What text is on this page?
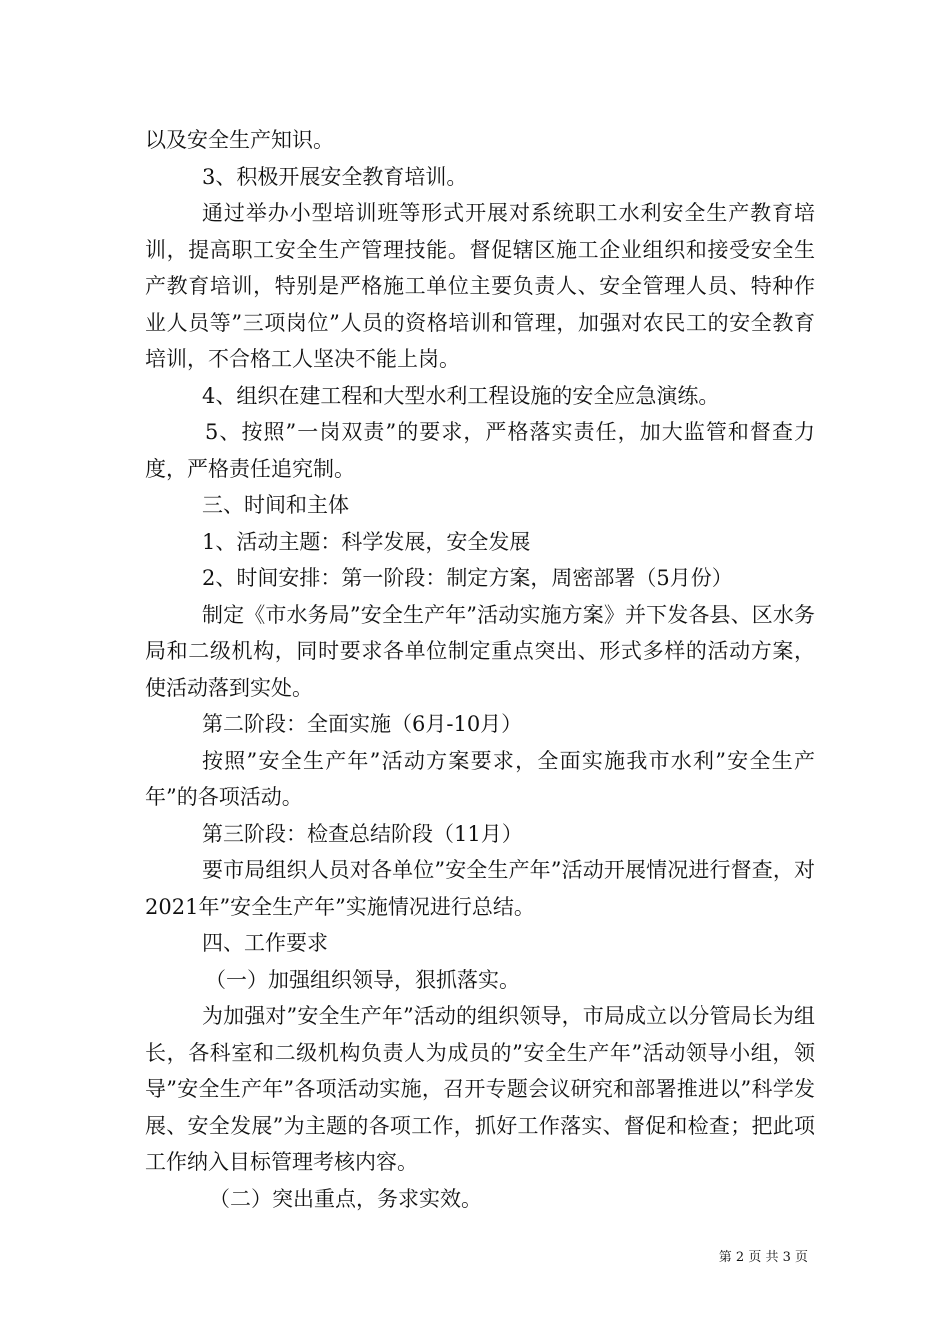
以及安全生产知识。

3、积极开展安全教育培训。

通过举办小型培训班等形式开展对系统职工水利安全生产教育培训，提高职工安全生产管理技能。督促辖区施工企业组织和接受安全生产教育培训，特别是严格施工单位主要负责人、安全管理人员、特种作业人员等”三项岗位”人员的资格培训和管理，加强对农民工的安全教育培训，不合格工人坚决不能上岗。

4、组织在建工程和大型水利工程设施的安全应急演练。

5、按照”一岗双责”的要求，严格落实责任，加大监管和督查力度，严格责任追究制。

三、时间和主体

1、活动主题：科学发展，安全发展

2、时间安排：第一阶段：制定方案，周密部署（5月份）

制定《市水务局”安全生产年”活动实施方案》并下发各县、区水务局和二级机构，同时要求各单位制定重点突出、形式多样的活动方案，使活动落到实处。

第二阶段：全面实施（6月-10月）

按照”安全生产年”活动方案要求，全面实施我市水利”安全生产年”的各项活动。

第三阶段：检查总结阶段（11月）

要市局组织人员对各单位”安全生产年”活动开展情况进行督查，对2021年”安全生产年”实施情况进行总结。

四、工作要求

（一）加强组织领导，狠抓落实。

为加强对”安全生产年”活动的组织领导，市局成立以分管局长为组长，各科室和二级机构负责人为成员的”安全生产年”活动领导小组，领导”安全生产年”各项活动实施，召开专题会议研究和部署推进以”科学发展、安全发展”为主题的各项工作，抓好工作落实、督促和检查；把此项工作纳入目标管理考核内容。

（二）突出重点，务求实效。

第 2 页 共 3 页
